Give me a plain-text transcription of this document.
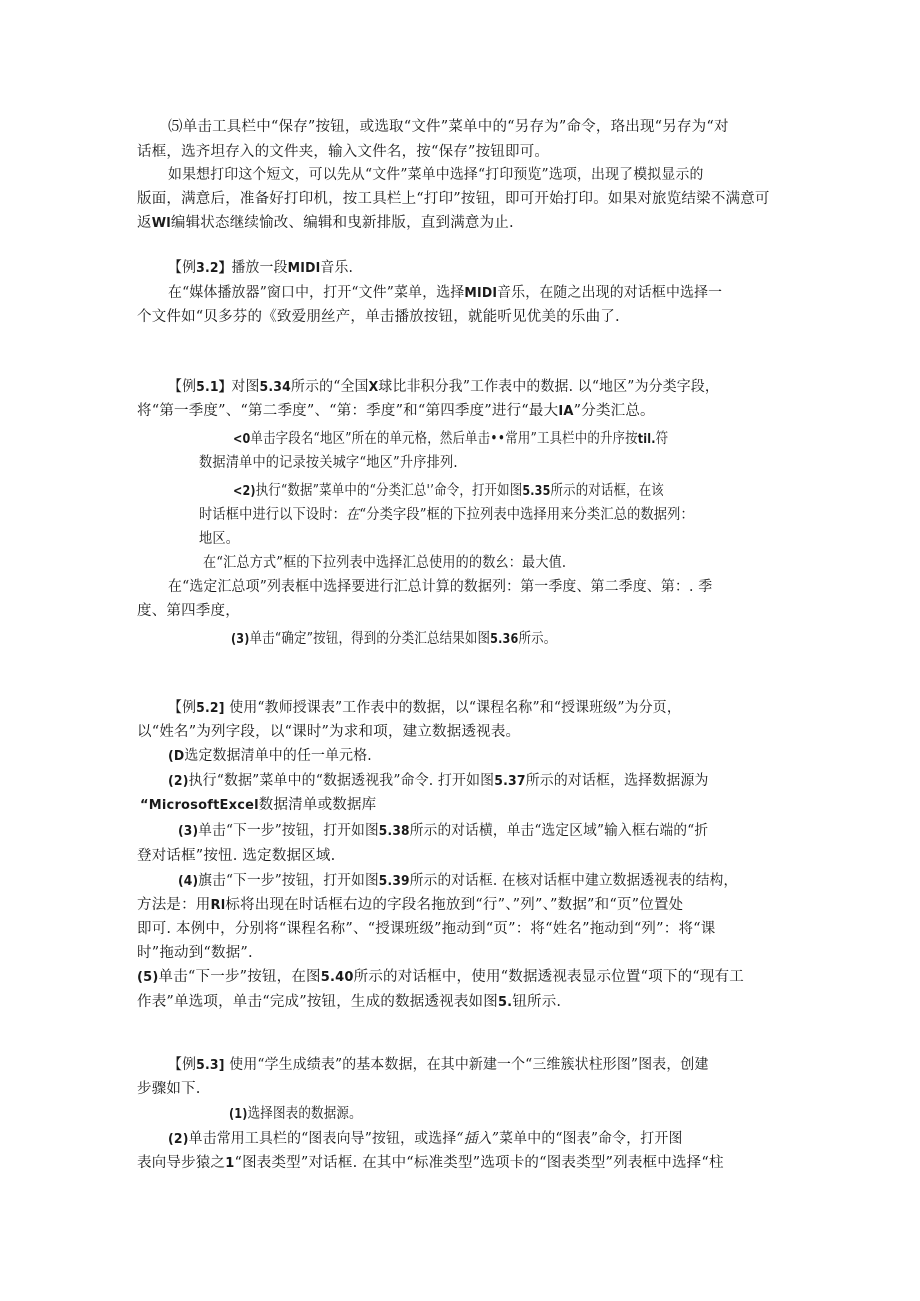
⑸单击工具栏中“保存”按钮，或选取“文件”菜单中的“另存为”命令，珞出现“另存为“对
话框，选齐坦存入的文件夹，输入文件名，按“保存”按钮即可。
如果想打印这个短文，可以先从“文件”菜单中选择“打印预览”选项，出现了模拟显示的
版面，满意后，准备好打印机，按工具栏上“打印”按钮，即可开始打印。如果对旅览结梁不满意可
返Wl编辑状态继续愉改、编辑和曳新排版，直到满意为止.
【例3.2】播放一段MIDI音乐.
在“媒体播放器”窗口中，打开“文件”菜单，选择MIDI音乐，在随之出现的对话框中选择一
个文件如“贝多芬的《致爱朋丝产，单击播放按钮，就能听见优美的乐曲了.
【例5.1】对图5.34所示的“全国X球比非积分我”工作表中的数据. 以“地区”为分类字段，
将“第一季度”、“第二季度”、“第：季度”和“第四季度”进行“最大IA”分类汇总。
<0单击字段名“地区”所在的单元格，然后单击••常用”工具栏中的升序按til.符
数据清单中的记录按关城字“地区”升序排列.
<2)执行“数据”菜单中的“分类汇总'’命令，打开如图5.35所示的对话框，在该
时话框中进行以下设时：在“分类字段”框的下拉列表中选择用来分类汇总的数据列：
地区。
在“汇总方式”框的下拉列表中选择汇总使用的的数幺：最大值.
在“选定汇总项”列表框中选择要进行汇总计算的数据列：第一季度、第二季度、第：. 季
度、第四季度，
(3)单击“确定”按钮，得到的分类汇总结果如图5.36所示。
【例5.2] 使用“教师授课表”工作表中的数据，以“课程名称”和“授课班级”为分页，
以“姓名”为列字段，以“课时”为求和项，建立数据透视表。
(D选定数据清单中的任一单元格.
(2)执行“数据”菜单中的“数据透视我”命令. 打开如图5.37所示的对话框，选择数据源为
“MicrosoftExcel数据清单或数据库
(3)单击“下一步”按钮，打开如图5.38所示的对话横，单击“选定区域”输入框右端的“折
登对话框”按忸. 选定数据区域.
(4)旗击“下一步”按钮，打开如图5.39所示的对话框. 在核对话框中建立数据透视表的结构，
方法是：用Rl标将出现在时话框右边的字段名拖放到“行”、”列”、”数据”和“页”位置处
即可. 本例中，分别将“课程名称”、“授课班级”拖动到“页”：将“姓名”拖动到“列”：将“课
时”拖动到“数据”.
(5)单击“下一步”按钮，在图5.40所示的对话框中，使用“数据透视表显示位置“项下的“现有工
作表”单选项，单击“完成”按钮，生成的数据透视表如图5.钮所示.
【例5.3] 使用“学生成绩表”的基本数据，在其中新建一个“三维簇状柱形图”图表，创建
步骤如下.
(1)选择图表的数据源。
(2)单击常用工具栏的“图表向导”按钮，或选择“插入”菜单中的“图表”命令，打开图
表向导步猿之1“图表类型”对话框. 在其中“标准类型”选项卡的“图表类型”列表框中选择“柱
